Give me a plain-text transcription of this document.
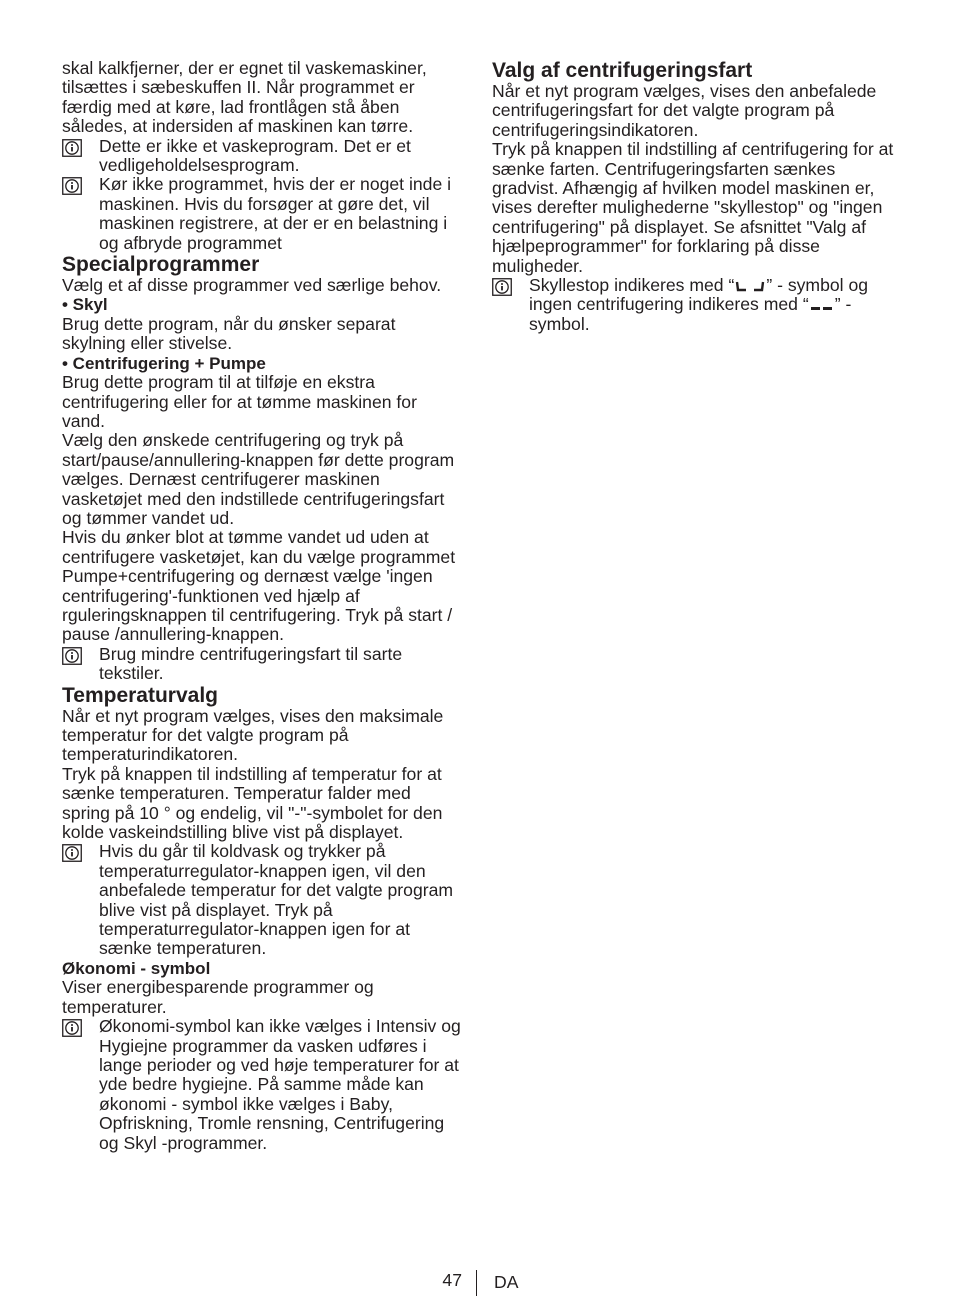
skal kalkfjerner, der er egnet til vaskemaskiner, tilsættes i sæbeskuffen II. Når programmet er færdig med at køre, lad frontlågen stå åben således, at indersiden af maskinen kan tørre.

Dette er ikke et vaskeprogram. Det er et vedligeholdelsesprogram.

Kør ikke programmet, hvis der er noget inde i maskinen. Hvis du forsøger at gøre det, vil maskinen registrere, at der er en belastning i og afbryde programmet

Specialprogrammer

Vælg et af disse programmer ved særlige behov.

• Skyl

Brug dette program, når du ønsker separat skylning eller stivelse.

• Centrifugering + Pumpe

Brug dette program til at tilføje en ekstra centrifugering eller for at tømme maskinen for vand.

Vælg den ønskede centrifugering og tryk på start/pause/annullering-knappen før dette program vælges. Dernæst centrifugerer maskinen vasketøjet med den indstillede centrifugeringsfart og tømmer vandet ud.

Hvis du ønker blot at tømme vandet ud uden at centrifugere vasketøjet, kan du vælge programmet Pumpe+centrifugering og dernæst vælge 'ingen centrifugering'-funktionen ved hjælp af rguleringsknappen til centrifugering. Tryk på start / pause /annullering-knappen.

Brug mindre centrifugeringsfart til sarte tekstiler.

Temperaturvalg

Når et nyt program vælges, vises den maksimale temperatur for det valgte program på temperaturindikatoren.

Tryk på knappen til indstilling af temperatur for at sænke temperaturen. Temperatur falder med spring på 10 ° og endelig, vil "-"-symbolet for den kolde vaskeindstilling blive vist på displayet.

Hvis du går til koldvask og trykker på temperaturregulator-knappen igen, vil den anbefalede temperatur for det valgte program blive vist på displayet. Tryk på temperaturregulator-knappen igen for at sænke temperaturen.

Økonomi - symbol

Viser energibesparende programmer og temperaturer.

Økonomi-symbol kan ikke vælges i Intensiv og Hygiejne programmer da vasken udføres i lange perioder og ved høje temperaturer for at yde bedre hygiejne. På samme måde kan økonomi - symbol ikke vælges i Baby, Opfriskning, Tromle rensning, Centrifugering og Skyl -programmer.

Valg af centrifugeringsfart

Når et nyt program vælges, vises den anbefalede centrifugeringsfart for det valgte program på centrifugeringsindikatoren.

Tryk på knappen til indstilling af centrifugering for at sænke farten. Centrifugeringsfarten sænkes gradvist. Afhængig af hvilken model maskinen er, vises derefter mulighederne "skyllestop" og "ingen centrifugering" på displayet. Se afsnittet "Valg af hjælpeprogrammer" for forklaring på disse muligheder.

Skyllestop indikeres med “ ” - symbol og ingen centrifugering indikeres med “ ” - symbol.

47 DA
